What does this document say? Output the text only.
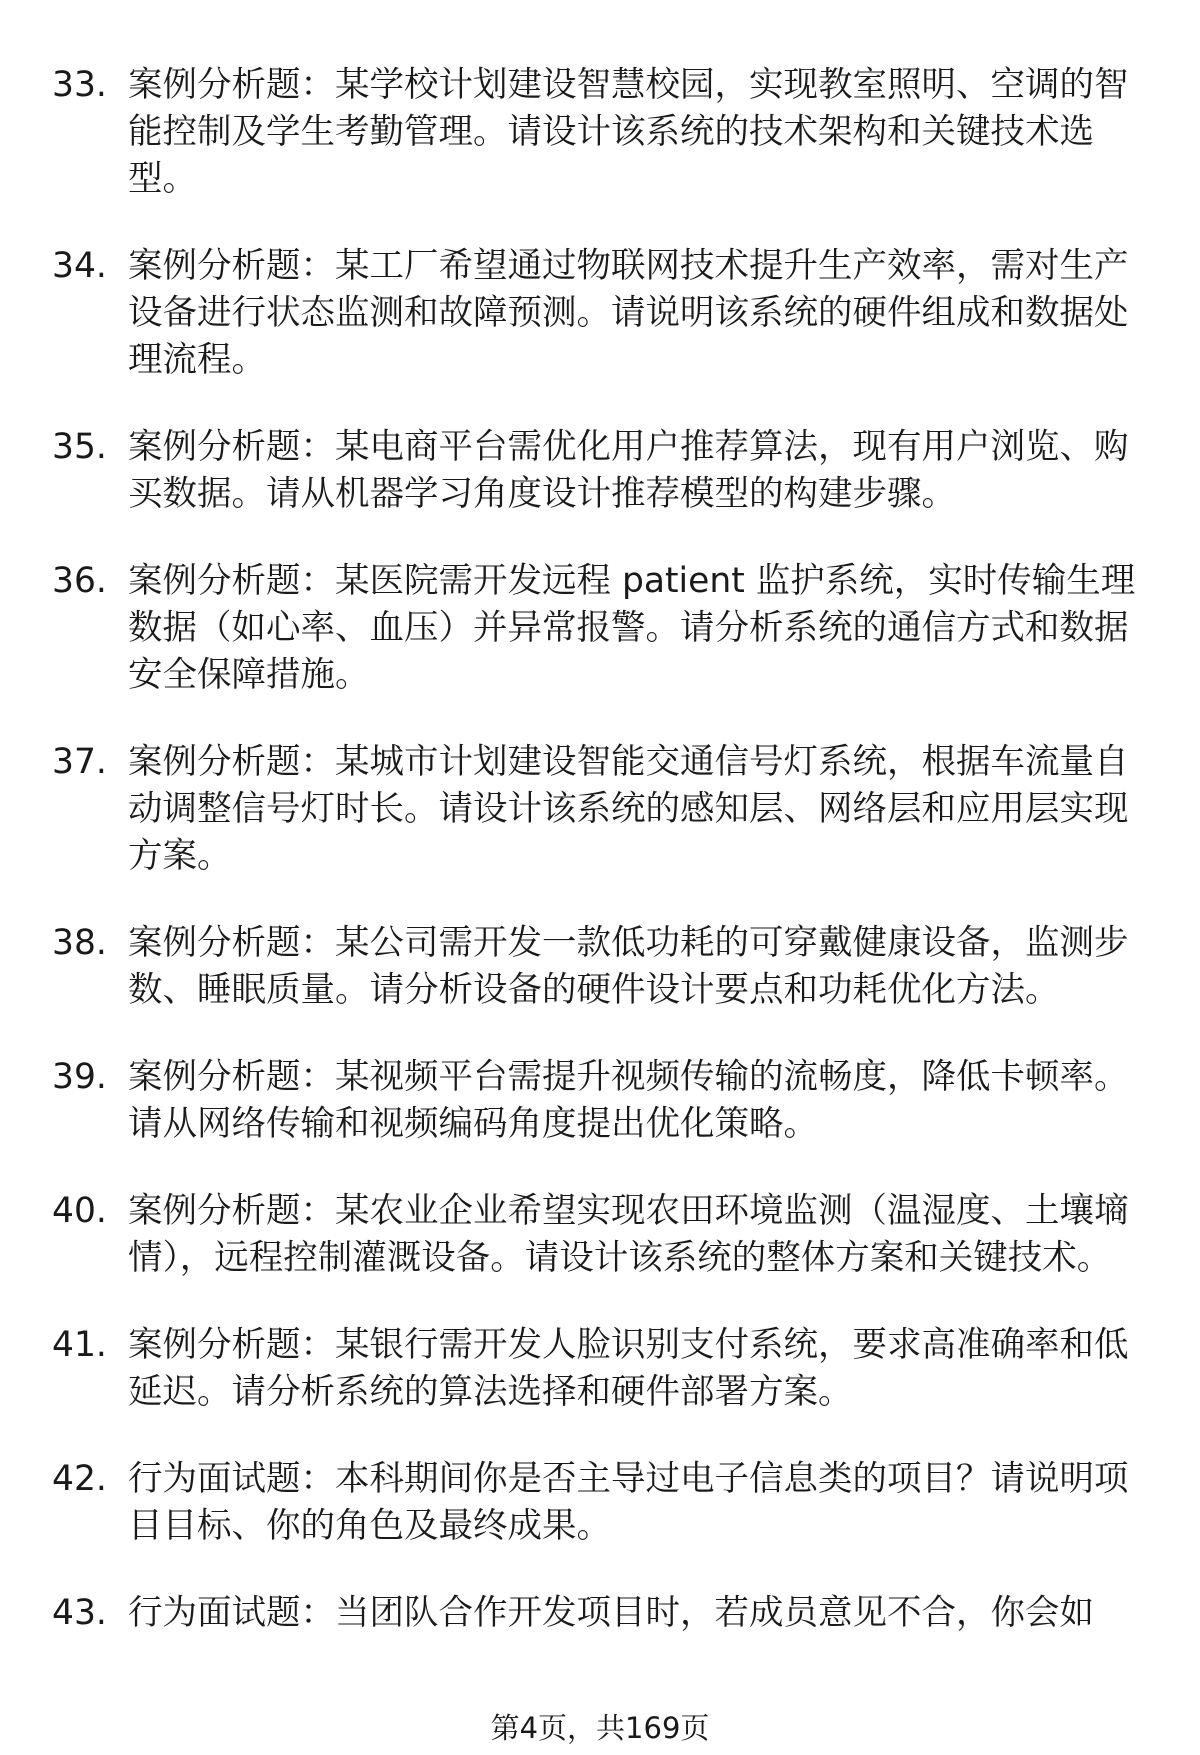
33. 案例分析题：某学校计划建设智慧校园，实现教室照明、空调的智能控制及学生考勤管理。请设计该系统的技术架构和关键技术选型。
34. 案例分析题：某工厂希望通过物联网技术提升生产效率，需对生产设备进行状态监测和故障预测。请说明该系统的硬件组成和数据处理流程。
35. 案例分析题：某电商平台需优化用户推荐算法，现有用户浏览、购买数据。请从机器学习角度设计推荐模型的构建步骤。
36. 案例分析题：某医院需开发远程 patient 监护系统，实时传输生理数据（如心率、血压）并异常报警。请分析系统的通信方式和数据安全保障措施。
37. 案例分析题：某城市计划建设智能交通信号灯系统，根据车流量自动调整信号灯时长。请设计该系统的感知层、网络层和应用层实现方案。
38. 案例分析题：某公司需开发一款低功耗的可穿戴健康设备，监测步数、睡眠质量。请分析设备的硬件设计要点和功耗优化方法。
39. 案例分析题：某视频平台需提升视频传输的流畅度，降低卡顿率。请从网络传输和视频编码角度提出优化策略。
40. 案例分析题：某农业企业希望实现农田环境监测（温湿度、土壤墒情），远程控制灌溉设备。请设计该系统的整体方案和关键技术。
41. 案例分析题：某银行需开发人脸识别支付系统，要求高准确率和低延迟。请分析系统的算法选择和硬件部署方案。
42. 行为面试题：本科期间你是否主导过电子信息类的项目？请说明项目目标、你的角色及最终成果。
43. 行为面试题：当团队合作开发项目时，若成员意见不合，你会如
第4页，共169页
